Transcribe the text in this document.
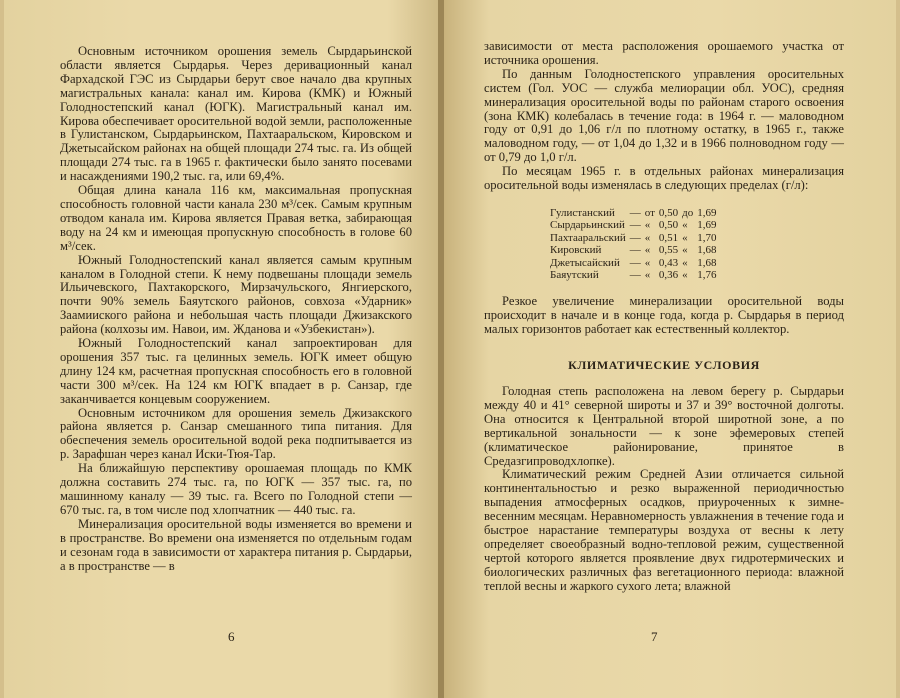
Основным источником орошения земель Сырдарьинской области является Сырдарья. Через деривационный канал Фархадской ГЭС из Сырдарьи берут свое начало два крупных магистральных канала: канал им. Кирова (КМК) и Южный Голодностепский канал (ЮГК). Магистральный канал им. Кирова обеспечивает оросительной водой земли, расположенные в Гулистанском, Сырдарьинском, Пахтааральском, Кировском и Джетысайском районах на общей площади 274 тыс. га. Из общей площади 274 тыс. га в 1965 г. фактически было занято посевами и насаждениями 190,2 тыс. га, или 69,4%.

Общая длина канала 116 км, максимальная пропускная способность головной части канала 230 м³/сек. Самым крупным отводом канала им. Кирова является Правая ветка, забирающая воду на 24 км и имеющая пропускную способность в голове 60 м³/сек.

Южный Голодностепский канал является самым крупным каналом в Голодной степи. К нему подвешаны площади земель Ильичевского, Пахтакорского, Мирзачульского, Янгиерского, почти 90% земель Баяутского районов, совхоза «Ударник» Заамииского района и небольшая часть площади Джизакского района (колхозы им. Навои, им. Жданова и «Узбекистан»).

Южный Голодностепский канал запроектирован для орошения 357 тыс. га целинных земель. ЮГК имеет общую длину 124 км, расчетная пропускная способность его в головной части 300 м³/сек. На 124 км ЮГК впадает в р. Санзар, где заканчивается концевым сооружением.

Основным источником для орошения земель Джизакского района является р. Санзар смешанного типа питания. Для обеспечения земель оросительной водой река подпитывается из р. Зарафшан через канал Иски-Тюя-Тар.

На ближайшую перспективу орошаемая площадь по КМК должна составить 274 тыс. га, по ЮГК — 357 тыс. га, по машинному каналу — 39 тыс. га. Всего по Голодной степи — 670 тыс. га, в том числе под хлопчатник — 440 тыс. га.

Минерализация оросительной воды изменяется во времени и в пространстве. Во времени она изменяется по отдельным годам и сезонам года в зависимости от характера питания р. Сырдарьи, а в пространстве — в

6

зависимости от места расположения орошаемого участка от источника орошения.

По данным Голодностепского управления оросительных систем (Гол. УОС — служба мелиорации обл. УОС), средняя минерализация оросительной воды по районам старого освоения (зона КМК) колебалась в течение года: в 1964 г. — маловодном году от 0,91 до 1,06 г/л по плотному остатку, в 1965 г., также маловодном году, — от 1,04 до 1,32 и в 1966 полноводном году — от 0,79 до 1,0 г/л.

По месяцам 1965 г. в отдельных районах минерализация оросительной воды изменялась в следующих пределах (г/л):

Гулистанский	—	от	0,50	до	1,69
Сырдарьинский	—	«	0,50	«	1,69
Пахтааральский	—	«	0,51	«	1,70
Кировский	—	«	0,55	«	1,68
Джетысайский	—	«	0,43	«	1,68
Баяутский	—	«	0,36	«	1,76

Резкое увеличение минерализации оросительной воды происходит в начале и в конце года, когда р. Сырдарья в период малых горизонтов работает как естественный коллектор.

КЛИМАТИЧЕСКИЕ УСЛОВИЯ

Голодная степь расположена на левом берегу р. Сырдарьи между 40 и 41° северной широты и 37 и 39° восточной долготы. Она относится к Центральной второй широтной зоне, а по вертикальной зональности — к зоне эфемеровых степей (климатическое районирование, принятое в Средазгипроводхлопке).

Климатический режим Средней Азии отличается сильной континентальностью и резко выраженной периодичностью выпадения атмосферных осадков, приуроченных к зимне-весенним месяцам. Неравномерность увлажнения в течение года и быстрое нарастание температуры воздуха от весны к лету определяет своеобразный водно-тепловой режим, существенной чертой которого является проявление двух гидротермических и биологических различных фаз вегетационного периода: влажной теплой весны и жаркого сухого лета; влажной

7
